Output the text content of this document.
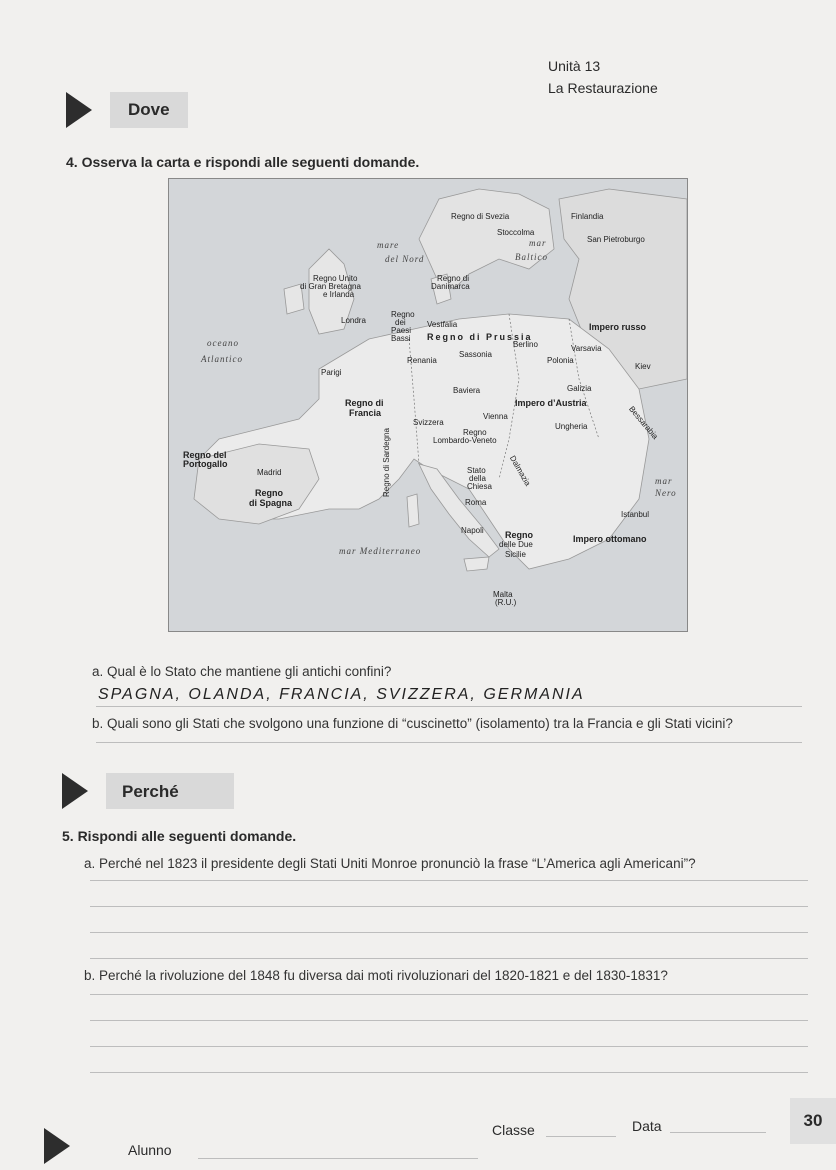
Unità 13
La Restaurazione
Dove
4. Osserva la carta e rispondi alle seguenti domande.
Regno di Svezia	Finlandia
Stoccolma
San Pietroburgo
mare
del Nord
mar
Baltico
Regno Unito
di Gran Bretagna
e Irlanda
Regno di
Danimarca
Londra
Regno
dei
Paesi
Bassi
Vestfalia
Regno di Prussia
Berlino
Impero russo
oceano
Atlantico	Renania
Sassonia
Varsavia
Polonia
Kiev
Parigi
Baviera	Galizia
Regno di
Francia
Impero d’Austria
Vienna
Svizzera	Ungheria	Bessarabia
Regno
Lombardo-Veneto
Regno del
Portogallo
Madrid	Stato
della
Chiesa Dalmazia	mar
Nero
Regno
di Spagna	Roma
Regno di Sardegna
Istanbul
Napoli Regno
delle Due
Sicilie
Impero ottomano
mar Mediterraneo
Malta
(R.U.)
a. Qual è lo Stato che mantiene gli antichi confini?
SPAGNA, OLANDA, FRANCIA, SVIZZERA, GERMANIA
b. Quali sono gli Stati che svolgono una funzione di “cuscinetto” (isolamento) tra la Francia e gli Stati vicini?
Perché
5. Rispondi alle seguenti domande.
a. Perché nel 1823 il presidente degli Stati Uniti Monroe pronunciò la frase “L’America agli Americani”?
b. Perché la rivoluzione del 1848 fu diversa dai moti rivoluzionari del 1820-1821 e del 1830-1831?
Alunno
Classe	Data	30
